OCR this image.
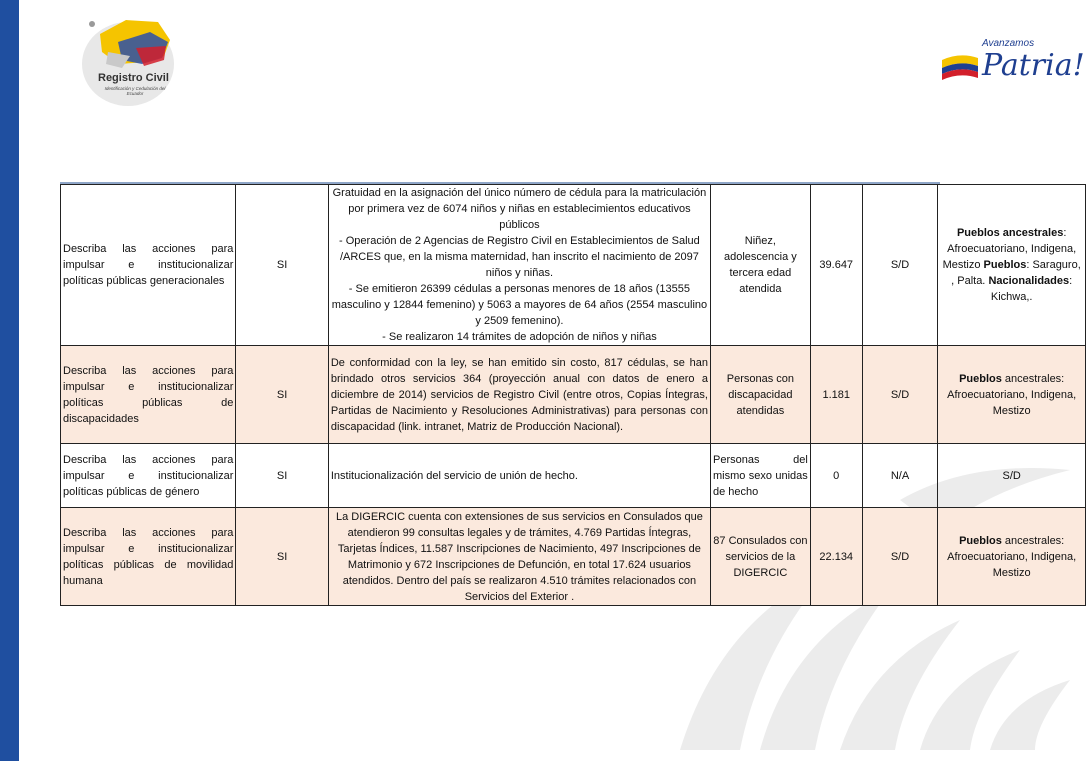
Registro Civil
Identificación y Cedulación del Ecuador
Avanzamos
Patria!
Describa las acciones para impulsar e institucionalizar políticas públicas generacionales	SI	Gratuidad en la asignación del único número de cédula para la matriculación por primera vez de 6074 niños y niñas en establecimientos educativos públicos
- Operación de 2 Agencias de Registro Civil en Establecimientos de Salud /ARCES que, en la misma maternidad, han inscrito el nacimiento de 2097 niños y niñas.
- Se emitieron 26399 cédulas a personas menores de 18 años (13555 masculino y 12844 femenino) y 5063 a mayores de 64 años (2554 masculino y 2509 femenino).
- Se realizaron 14 trámites de adopción de niños y niñas	Niñez, adolescencia y tercera edad atendida	39.647	S/D	Pueblos ancestrales: Afroecuatoriano, Indigena, Mestizo Pueblos: Saraguro, , Palta. Nacionalidades: Kichwa,.
Describa las acciones para impulsar e institucionalizar políticas públicas de discapacidades	SI	De conformidad con la ley, se han emitido sin costo, 817 cédulas, se han brindado otros servicios 364 (proyección anual con datos de enero a diciembre de 2014) servicios de Registro Civil (entre otros, Copias Íntegras, Partidas de Nacimiento y Resoluciones Administrativas) para personas con discapacidad (link. intranet, Matriz de Producción Nacional).	Personas con discapacidad atendidas	1.181	S/D	Pueblos ancestrales: Afroecuatoriano, Indigena, Mestizo
Describa las acciones para impulsar e institucionalizar políticas públicas de género	SI	Institucionalización del servicio de unión de hecho.	Personas del mismo sexo unidas de hecho	0	N/A	S/D
Describa las acciones para impulsar e institucionalizar políticas públicas de movilidad humana	SI	La DIGERCIC cuenta con extensiones de sus servicios en Consulados que atendieron 99 consultas legales y de trámites, 4.769 Partidas Íntegras, Tarjetas Índices, 11.587 Inscripciones de Nacimiento, 497 Inscripciones de Matrimonio y 672 Inscripciones de Defunción, en total 17.624 usuarios atendidos. Dentro del país se realizaron 4.510 trámites relacionados con Servicios del Exterior .	87 Consulados con servicios de la DIGERCIC	22.134	S/D	Pueblos ancestrales: Afroecuatoriano, Indigena, Mestizo
